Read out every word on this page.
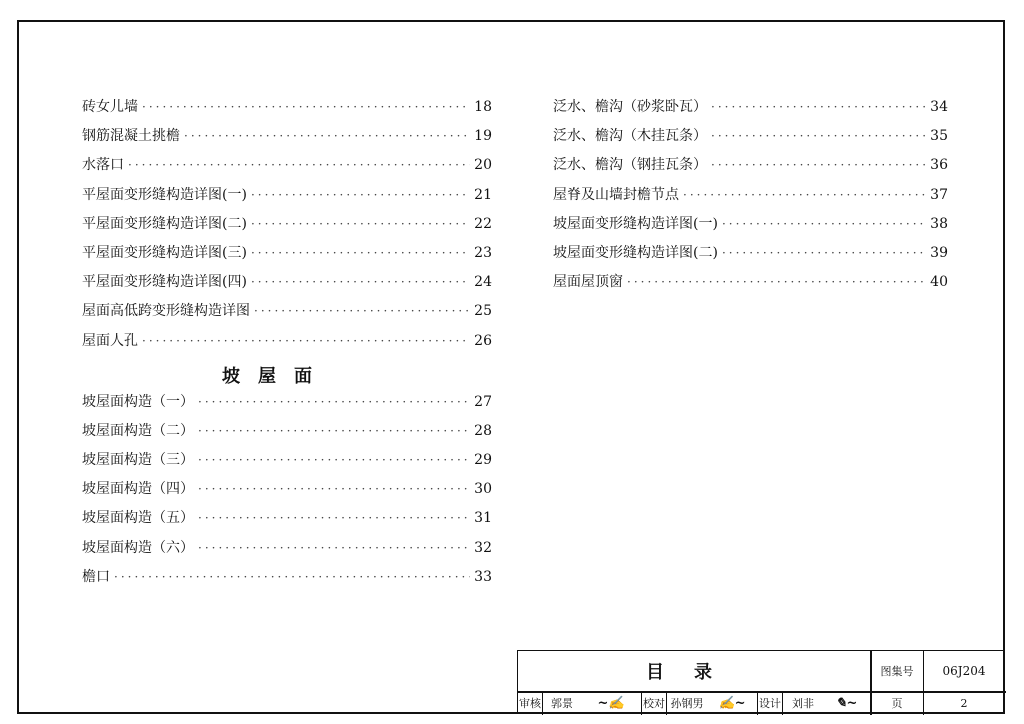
砖女儿墙 ·····	18
钢筋混凝土挑檐 ·····	19
水落口 ·····	20
平屋面变形缝构造详图(一) ·····	21
平屋面变形缝构造详图(二) ·····	22
平屋面变形缝构造详图(三) ·····	23
平屋面变形缝构造详图(四) ·····	24
屋面高低跨变形缝构造详图 ·····	25
屋面人孔 ·····	26
坡屋面
坡屋面构造（一） ·····	27
坡屋面构造（二） ·····	28
坡屋面构造（三） ·····	29
坡屋面构造（四） ·····	30
坡屋面构造（五） ·····	31
坡屋面构造（六） ·····	32
檐口 ·····	33
泛水、檐沟（砂浆卧瓦） ·····	34
泛水、檐沟（木挂瓦条） ·····	35
泛水、檐沟（钢挂瓦条） ·····	36
屋脊及山墙封檐节点 ·····	37
坡屋面变形缝构造详图(一) ·····	38
坡屋面变形缝构造详图(二) ·····	39
屋面屋顶窗 ·····	40
目录	图集号	06J204
页	2
审核 郭景	~✍	校对 孙钢男	✍~	设计	刘非	✎~
